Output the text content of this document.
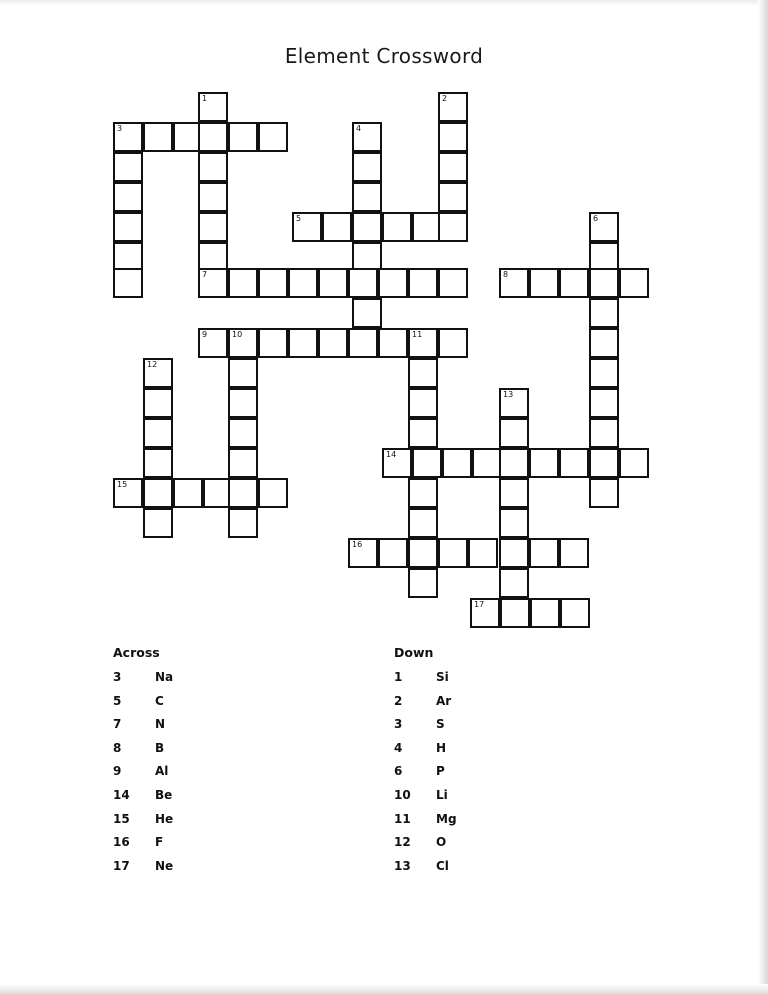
Element Crossword
1	2
3	4
5	6
7	8
9	10	11
12
13
14
15
16
17
Across
3	Na
5	C
7	N
8	B
9	Al
14 Be
15 He
16 F
17 Ne
Down
1	Si
2	Ar
3	S
4	H
6	P
10 Li
11 Mg
12 O
13 Cl
